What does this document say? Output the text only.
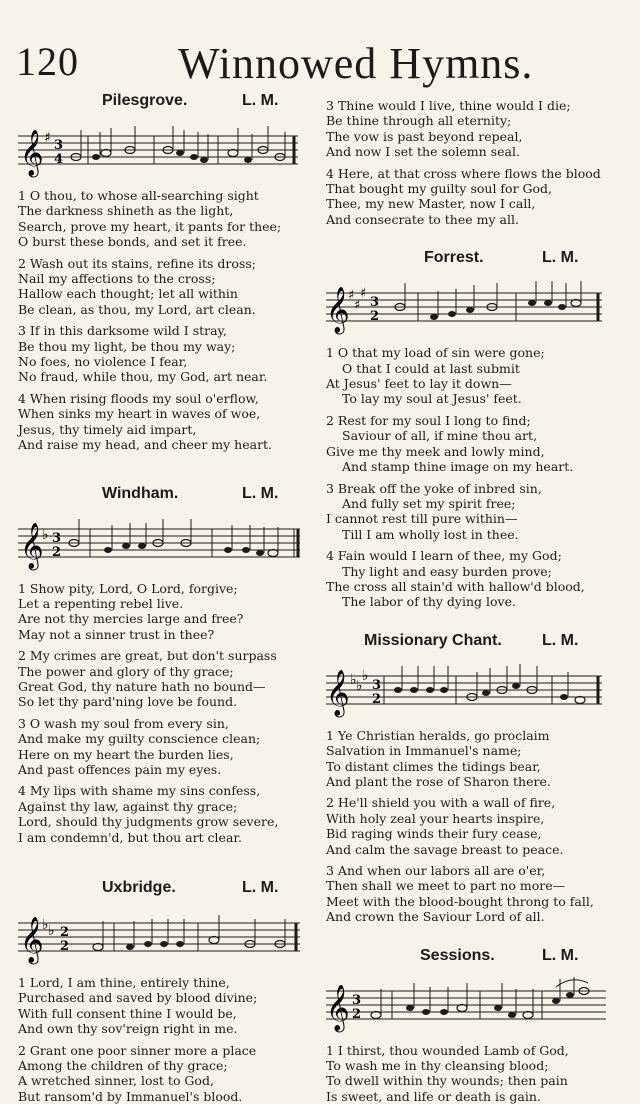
120 Winnowed Hymns.
Pilesgrove.	L. M.
𝄞 ♯ 3
4
1 O thou, to whose all-searching sight
The darkness shineth as the light,
Search, prove my heart, it pants for thee;
O burst these bonds, and set it free.
2 Wash out its stains, refine its dross;
Nail my affections to the cross;
Hallow each thought; let all within
Be clean, as thou, my Lord, art clean.
3 If in this darksome wild I stray,
Be thou my light, be thou my way;
No foes, no violence I fear,
No fraud, while thou, my God, art near.
4 When rising floods my soul o'erflow,
When sinks my heart in waves of woe,
Jesus, thy timely aid impart,
And raise my head, and cheer my heart.
Windham.	L. M.
𝄞
♭ 3
2
1 Show pity, Lord, O Lord, forgive;
Let a repenting rebel live.
Are not thy mercies large and free?
May not a sinner trust in thee?
2 My crimes are great, but don't surpass
The power and glory of thy grace;
Great God, thy nature hath no bound—
So let thy pard'ning love be found.
3 O wash my soul from every sin,
And make my guilty conscience clean;
Here on my heart the burden lies,
And past offences pain my eyes.
4 My lips with shame my sins confess,
Against thy law, against thy grace;
Lord, should thy judgments grow severe,
I am condemn'd, but thou art clear.
Uxbridge.	L. M.
𝄞
♭ ♭ 2
2
1 Lord, I am thine, entirely thine,
Purchased and saved by blood divine;
With full consent thine I would be,
And own thy sov'reign right in me.
2 Grant one poor sinner more a place
Among the children of thy grace;
A wretched sinner, lost to God,
But ransom'd by Immanuel's blood.
3 Thine would I live, thine would I die;
Be thine through all eternity;
The vow is past beyond repeal,
And now I set the solemn seal.
4 Here, at that cross where flows the blood
That bought my guilty soul for God,
Thee, my new Master, now I call,
And consecrate to thee my all.
Forrest.	L. M.
𝄞
♯
♯
♯
3
2
1 O that my load of sin were gone;
O that I could at last submit
At Jesus' feet to lay it down—
To lay my soul at Jesus' feet.
2 Rest for my soul I long to find;
Saviour of all, if mine thou art,
Give me thy meek and lowly mind,
And stamp thine image on my heart.
3 Break off the yoke of inbred sin,
And fully set my spirit free;
I cannot rest till pure within—
Till I am wholly lost in thee.
4 Fain would I learn of thee, my God;
Thy light and easy burden prove;
The cross all stain'd with hallow'd blood,
The labor of thy dying love.
Missionary Chant.	L. M.
𝄞 ♭ ♭
♭
3
2
1 Ye Christian heralds, go proclaim
Salvation in Immanuel's name;
To distant climes the tidings bear,
And plant the rose of Sharon there.
2 He'll shield you with a wall of fire,
With holy zeal your hearts inspire,
Bid raging winds their fury cease,
And calm the savage breast to peace.
3 And when our labors all are o'er,
Then shall we meet to part no more—
Meet with the blood-bought throng to fall,
And crown the Saviour Lord of all.
Sessions.	L. M.
𝄞 3
2
1 I thirst, thou wounded Lamb of God,
To wash me in thy cleansing blood;
To dwell within thy wounds; then pain
Is sweet, and life or death is gain.
